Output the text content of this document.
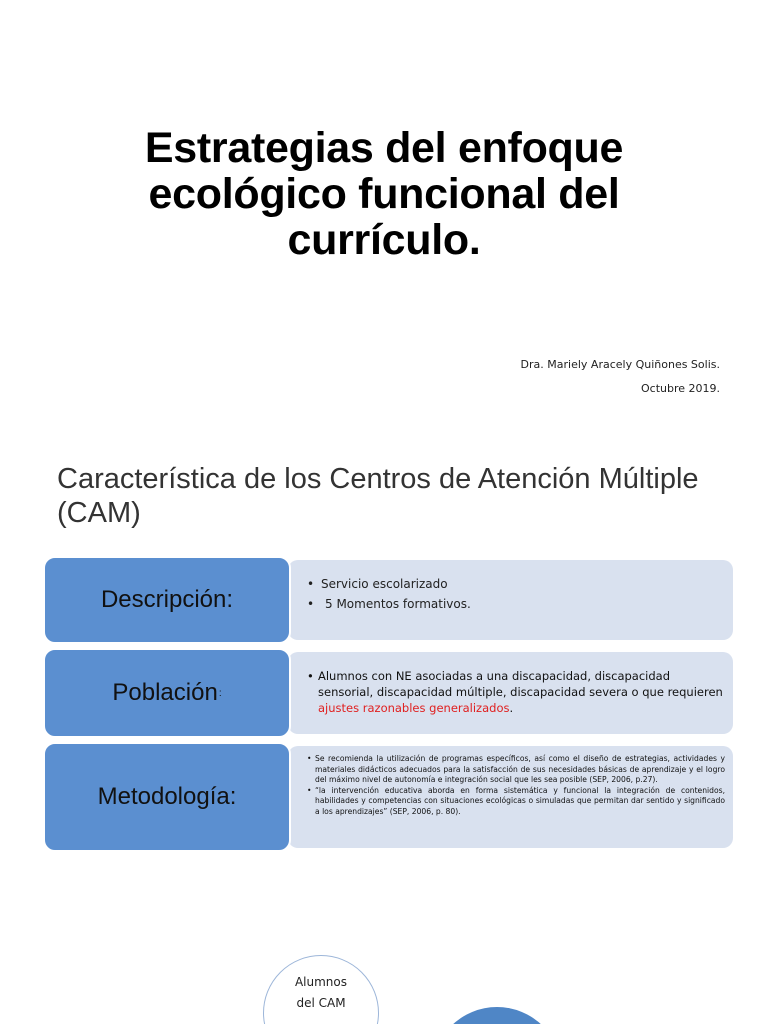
Estrategias del enfoque ecológico funcional del currículo.
Dra. Mariely Aracely Quiñones Solis.
Octubre 2019.
Característica de los Centros de Atención Múltiple (CAM)
Descripción:
• Servicio escolarizado
• 5 Momentos formativos.
Población :
• Alumnos con NE asociadas a una discapacidad, discapacidad sensorial, discapacidad múltiple, discapacidad severa o que requieren ajustes razonables generalizados.
Metodología:
• Se recomienda la utilización de programas específicos, así como el diseño de estrategias, actividades y materiales didácticos adecuados para la satisfacción de sus necesidades básicas de aprendizaje y el logro del máximo nivel de autonomía e integración social que les sea posible (SEP, 2006, p.27).
• “la intervención educativa aborda en forma sistemática y funcional la integración de contenidos, habilidades y competencias con situaciones ecológicas o simuladas que permitan dar sentido y significado a los aprendizajes” (SEP, 2006, p. 80).
Alumnos del CAM
